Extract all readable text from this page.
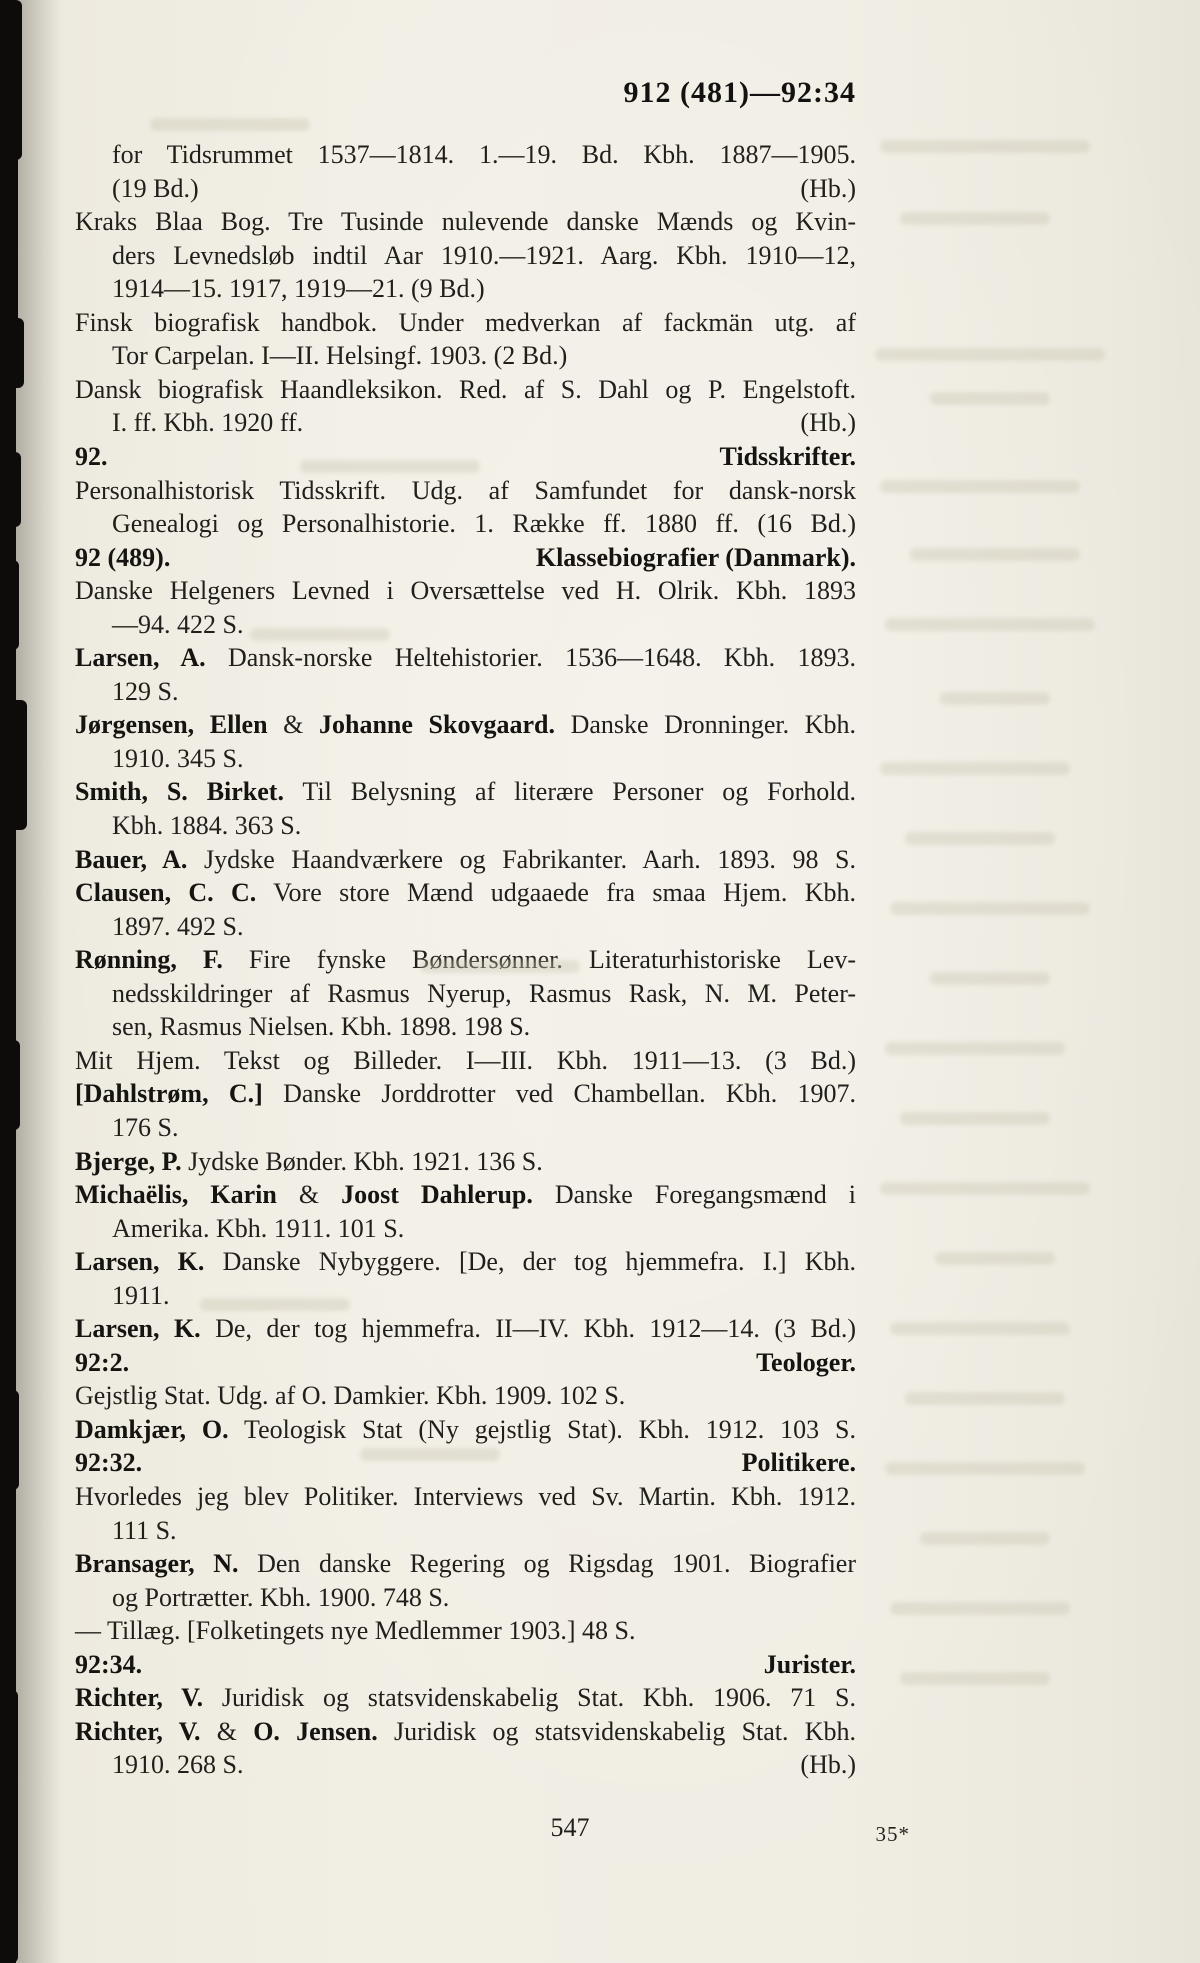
912 (481)—92:34
for Tidsrummet 1537—1814. 1.—19. Bd. Kbh. 1887—1905.
(19 Bd.)	(Hb.)
Kraks Blaa Bog. Tre Tusinde nulevende danske Mænds og Kvin-
ders Levnedsløb indtil Aar 1910.—1921. Aarg. Kbh. 1910—12,
1914—15. 1917, 1919—21. (9 Bd.)
Finsk biografisk handbok. Under medverkan af fackmän utg. af
Tor Carpelan. I—II. Helsingf. 1903. (2 Bd.)
Dansk biografisk Haandleksikon. Red. af S. Dahl og P. Engelstoft.
I. ff. Kbh. 1920 ff.	(Hb.)
92.	Tidsskrifter.
Personalhistorisk Tidsskrift. Udg. af Samfundet for dansk-norsk
Genealogi og Personalhistorie. 1. Række ff. 1880 ff. (16 Bd.)
92 (489).	Klassebiografier (Danmark).
Danske Helgeners Levned i Oversættelse ved H. Olrik. Kbh. 1893
—94. 422 S.
Larsen, A. Dansk-norske Heltehistorier. 1536—1648. Kbh. 1893.
129 S.
Jørgensen, Ellen & Johanne Skovgaard. Danske Dronninger. Kbh.
1910. 345 S.
Smith, S. Birket. Til Belysning af literære Personer og Forhold.
Kbh. 1884. 363 S.
Bauer, A. Jydske Haandværkere og Fabrikanter. Aarh. 1893. 98 S.
Clausen, C. C. Vore store Mænd udgaaede fra smaa Hjem. Kbh.
1897. 492 S.
Rønning, F. Fire fynske Bøndersønner. Literaturhistoriske Lev-
nedsskildringer af Rasmus Nyerup, Rasmus Rask, N. M. Peter-
sen, Rasmus Nielsen. Kbh. 1898. 198 S.
Mit Hjem. Tekst og Billeder. I—III. Kbh. 1911—13. (3 Bd.)
[Dahlstrøm, C.] Danske Jorddrotter ved Chambellan. Kbh. 1907.
176 S.
Bjerge, P. Jydske Bønder. Kbh. 1921. 136 S.
Michaëlis, Karin & Joost Dahlerup. Danske Foregangsmænd i
Amerika. Kbh. 1911. 101 S.
Larsen, K. Danske Nybyggere. [De, der tog hjemmefra. I.] Kbh.
1911.
Larsen, K. De, der tog hjemmefra. II—IV. Kbh. 1912—14. (3 Bd.)
92:2.	Teologer.
Gejstlig Stat. Udg. af O. Damkier. Kbh. 1909. 102 S.
Damkjær, O. Teologisk Stat (Ny gejstlig Stat). Kbh. 1912. 103 S.
92:32.	Politikere.
Hvorledes jeg blev Politiker. Interviews ved Sv. Martin. Kbh. 1912.
111 S.
Bransager, N. Den danske Regering og Rigsdag 1901. Biografier
og Portrætter. Kbh. 1900. 748 S.
— Tillæg. [Folketingets nye Medlemmer 1903.] 48 S.
92:34.	Jurister.
Richter, V. Juridisk og statsvidenskabelig Stat. Kbh. 1906. 71 S.
Richter, V. & O. Jensen. Juridisk og statsvidenskabelig Stat. Kbh.
1910. 268 S.	(Hb.)
547	35*
